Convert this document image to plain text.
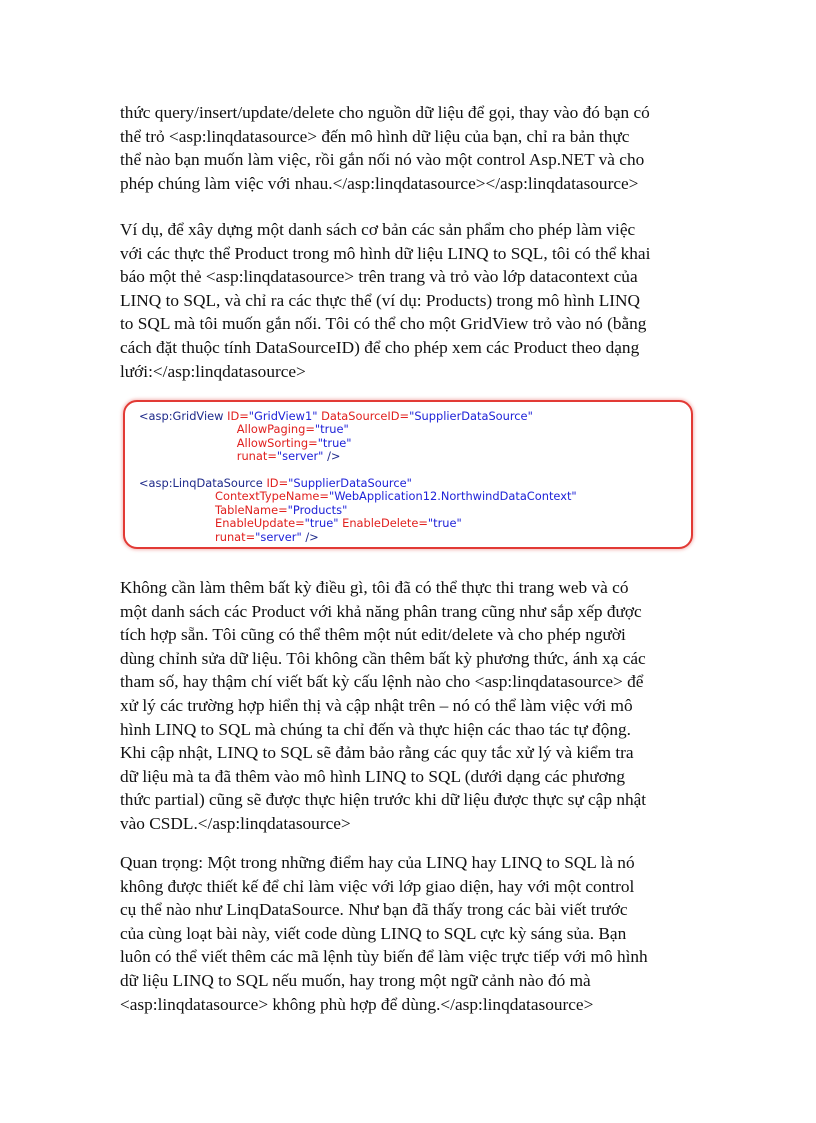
thức query/insert/update/delete cho nguồn dữ liệu để gọi, thay vào đó bạn có
thể trỏ <asp:linqdatasource> đến mô hình dữ liệu của bạn, chỉ ra bản thực
thể nào bạn muốn làm việc, rồi gắn nối nó vào một control Asp.NET và cho
phép chúng làm việc với nhau.</asp:linqdatasource></asp:linqdatasource>

Ví dụ, để xây dựng một danh sách cơ bản các sản phẩm cho phép làm việc
với các thực thể Product trong mô hình dữ liệu LINQ to SQL, tôi có thể khai
báo một thẻ <asp:linqdatasource> trên trang và trỏ vào lớp datacontext của
LINQ to SQL, và chỉ ra các thực thể (ví dụ: Products) trong mô hình LINQ
to SQL mà tôi muốn gắn nối. Tôi có thể cho một GridView trỏ vào nó (bằng
cách đặt thuộc tính DataSourceID) để cho phép xem các Product theo dạng
lưới:</asp:linqdatasource>

<asp:GridView ID="GridView1" DataSourceID="SupplierDataSource"
AllowPaging="true"
AllowSorting="true"
runat="server" />

<asp:LinqDataSource ID="SupplierDataSource"
ContextTypeName="WebApplication12.NorthwindDataContext"
TableName="Products"
EnableUpdate="true" EnableDelete="true"
runat="server" />

Không cần làm thêm bất kỳ điều gì, tôi đã có thể thực thi trang web và có
một danh sách các Product với khả năng phân trang cũng như sắp xếp được
tích hợp sẵn. Tôi cũng có thể thêm một nút edit/delete và cho phép người
dùng chỉnh sửa dữ liệu. Tôi không cần thêm bất kỳ phương thức, ánh xạ các
tham số, hay thậm chí viết bất kỳ cấu lệnh nào cho <asp:linqdatasource> để
xử lý các trường hợp hiển thị và cập nhật trên – nó có thể làm việc với mô
hình LINQ to SQL mà chúng ta chỉ đến và thực hiện các thao tác tự động.
Khi cập nhật, LINQ to SQL sẽ đảm bảo rằng các quy tắc xử lý và kiểm tra
dữ liệu mà ta đã thêm vào mô hình LINQ to SQL (dưới dạng các phương
thức partial) cũng sẽ được thực hiện trước khi dữ liệu được thực sự cập nhật
vào CSDL.</asp:linqdatasource>

Quan trọng: Một trong những điểm hay của LINQ hay LINQ to SQL là nó
không được thiết kế để chỉ làm việc với lớp giao diện, hay với một control
cụ thể nào như LinqDataSource. Như bạn đã thấy trong các bài viết trước
của cùng loạt bài này, viết code dùng LINQ to SQL cực kỳ sáng sủa. Bạn
luôn có thể viết thêm các mã lệnh tùy biến để làm việc trực tiếp với mô hình
dữ liệu LINQ to SQL nếu muốn, hay trong một ngữ cảnh nào đó mà
<asp:linqdatasource> không phù hợp để dùng.</asp:linqdatasource>
